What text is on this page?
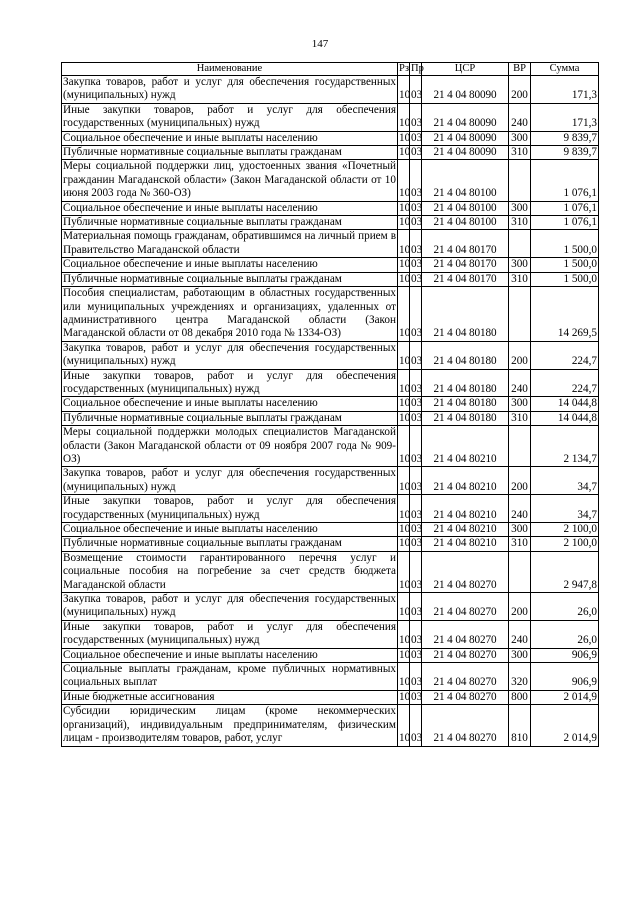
147
Наименование	Рз	Пр	ЦСР	ВР	Сумма
Закупка товаров, работ и услуг для обеспечения государственных (муниципальных) нужд	10	03	21 4 04 80090	200	171,3
Иные закупки товаров, работ и услуг для обеспечения государственных (муниципальных) нужд	10	03	21 4 04 80090	240	171,3
Социальное обеспечение и иные выплаты населению	10	03	21 4 04 80090	300	9 839,7
Публичные нормативные социальные выплаты гражданам	10	03	21 4 04 80090	310	9 839,7
Меры социальной поддержки лиц, удостоенных звания «Почетный гражданин Магаданской области» (Закон Магаданской области от 10 июня 2003 года № 360-ОЗ)	10	03	21 4 04 80100		1 076,1
Социальное обеспечение и иные выплаты населению	10	03	21 4 04 80100	300	1 076,1
Публичные нормативные социальные выплаты гражданам	10	03	21 4 04 80100	310	1 076,1
Материальная помощь гражданам, обратившимся на личный прием в Правительство Магаданской области	10	03	21 4 04 80170		1 500,0
Социальное обеспечение и иные выплаты населению	10	03	21 4 04 80170	300	1 500,0
Публичные нормативные социальные выплаты гражданам	10	03	21 4 04 80170	310	1 500,0
Пособия специалистам, работающим в областных государственных или муниципальных учреждениях и организациях, удаленных от административного центра Магаданской области (Закон Магаданской области от 08 декабря 2010 года № 1334-ОЗ)	10	03	21 4 04 80180		14 269,5
Закупка товаров, работ и услуг для обеспечения государственных (муниципальных) нужд	10	03	21 4 04 80180	200	224,7
Иные закупки товаров, работ и услуг для обеспечения государственных (муниципальных) нужд	10	03	21 4 04 80180	240	224,7
Социальное обеспечение и иные выплаты населению	10	03	21 4 04 80180	300	14 044,8
Публичные нормативные социальные выплаты гражданам	10	03	21 4 04 80180	310	14 044,8
Меры социальной поддержки молодых специалистов Магаданской области (Закон Магаданской области от 09 ноября 2007 года № 909-ОЗ)	10	03	21 4 04 80210		2 134,7
Закупка товаров, работ и услуг для обеспечения государственных (муниципальных) нужд	10	03	21 4 04 80210	200	34,7
Иные закупки товаров, работ и услуг для обеспечения государственных (муниципальных) нужд	10	03	21 4 04 80210	240	34,7
Социальное обеспечение и иные выплаты населению	10	03	21 4 04 80210	300	2 100,0
Публичные нормативные социальные выплаты гражданам	10	03	21 4 04 80210	310	2 100,0
Возмещение стоимости гарантированного перечня услуг и социальные пособия на погребение за счет средств бюджета Магаданской области	10	03	21 4 04 80270		2 947,8
Закупка товаров, работ и услуг для обеспечения государственных (муниципальных) нужд	10	03	21 4 04 80270	200	26,0
Иные закупки товаров, работ и услуг для обеспечения государственных (муниципальных) нужд	10	03	21 4 04 80270	240	26,0
Социальное обеспечение и иные выплаты населению	10	03	21 4 04 80270	300	906,9
Социальные выплаты гражданам, кроме публичных нормативных социальных выплат	10	03	21 4 04 80270	320	906,9
Иные бюджетные ассигнования	10	03	21 4 04 80270	800	2 014,9
Субсидии юридическим лицам (кроме некоммерческих организаций), индивидуальным предпринимателям, физическим лицам - производителям товаров, работ, услуг	10	03	21 4 04 80270	810	2 014,9
